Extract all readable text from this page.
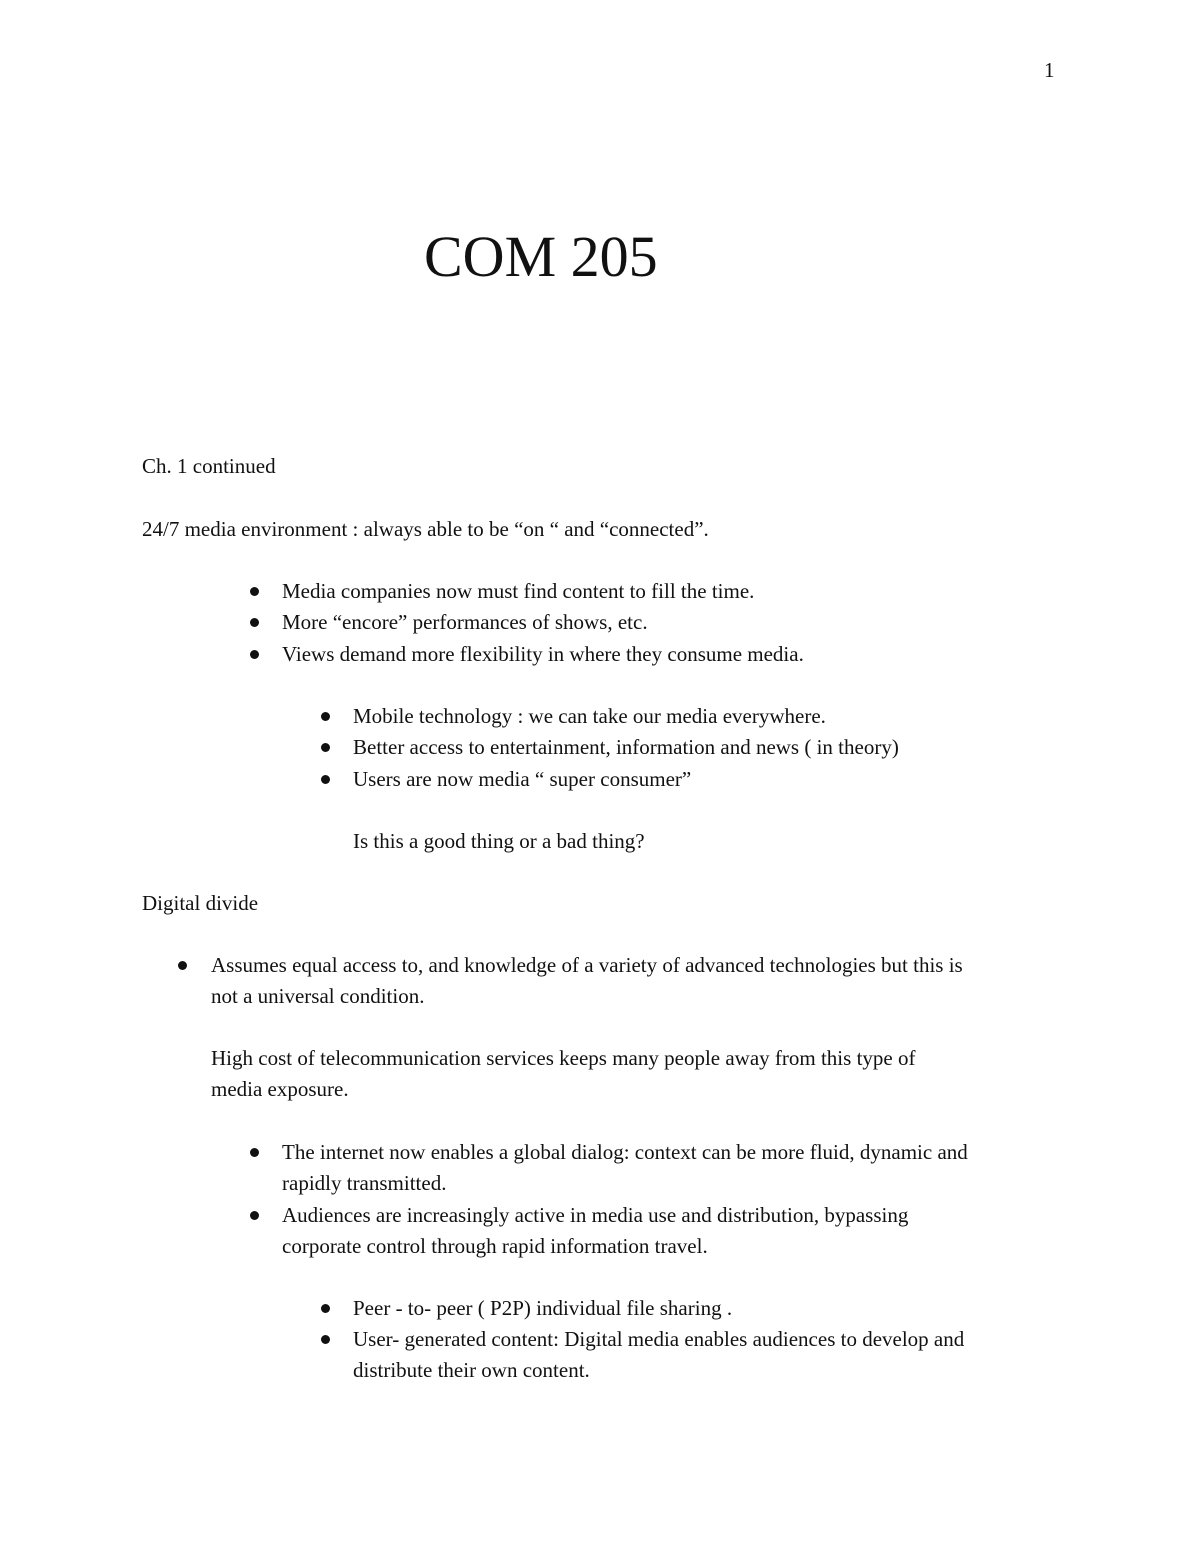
1
COM 205
Ch. 1 continued
24/7 media environment : always able to be “on “ and “connected”.
Media companies now must find content to fill the time.
More “encore” performances of shows, etc.
Views demand more flexibility in where they consume media.
Mobile technology : we can take our media everywhere.
Better access to entertainment, information and news ( in theory)
Users are now media “ super consumer”
Is this a good thing or a bad thing?
Digital divide
Assumes equal access to, and knowledge of a variety of advanced technologies but this is
not a universal condition.
High cost of telecommunication services keeps many people away from this type of
media exposure.
The internet now enables a global dialog: context can be more fluid, dynamic and
rapidly transmitted.
Audiences are increasingly active in media use and distribution, bypassing
corporate control through rapid information travel.
Peer - to- peer ( P2P) individual file sharing .
User- generated content: Digital media enables audiences to develop and
distribute their own content.
